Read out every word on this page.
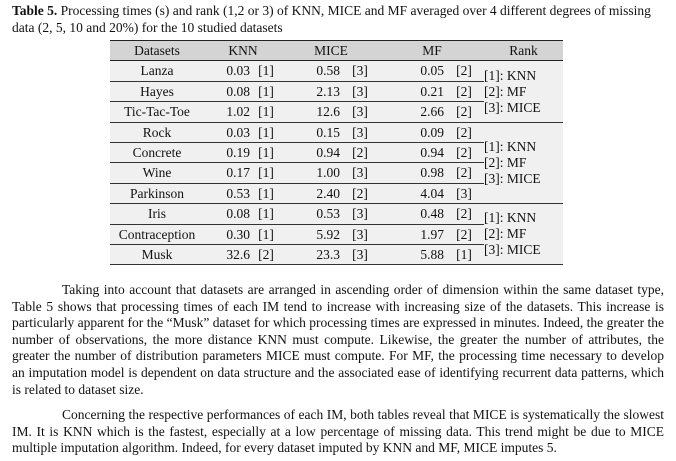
Table 5. Processing times (s) and rank (1,2 or 3) of KNN, MICE and MF averaged over 4 different degrees of missing data (2, 5, 10 and 20%) for the 10 studied datasets
Datasets	KNN		MICE		MF		Rank
Lanza	0.03	[1]	0.58	[3]	0.05	[2]	[1]: KNN
[2]: MF
[3]: MICE

Hayes	0.08	[1]	2.13	[3]	0.21	[2]	
Tic-Tac-Toe	1.02	[1]	12.6	[3]	2.66	[2]	
Rock	0.03	[1]	0.15	[3]	0.09	[2]	[1]: KNN
[2]: MF
[3]: MICE

Concrete	0.19	[1]	0.94	[2]	0.94	[2]	
Wine	0.17	[1]	1.00	[3]	0.98	[2]	
Parkinson	0.53	[1]	2.40	[2]	4.04	[3]	
Iris	0.08	[1]	0.53	[3]	0.48	[2]	[1]: KNN
[2]: MF
[3]: MICE

Contraception	0.30	[1]	5.92	[3]	1.97	[2]	
Musk	32.6	[2]	23.3	[3]	5.88	[1]	

Taking into account that datasets are arranged in ascending order of dimension within the same dataset type, Table 5 shows that processing times of each IM tend to increase with increasing size of the datasets. This increase is particularly apparent for the “Musk” dataset for which processing times are expressed in minutes. Indeed, the greater the number of observations, the more distance KNN must compute. Likewise, the greater the number of attributes, the greater the number of distribution parameters MICE must compute. For MF, the processing time necessary to develop an imputation model is dependent on data structure and the associated ease of identifying recurrent data patterns, which is related to dataset size.

Concerning the respective performances of each IM, both tables reveal that MICE is systematically the slowest IM. It is KNN which is the fastest, especially at a low percentage of missing data. This trend might be due to MICE multiple imputation algorithm. Indeed, for every dataset imputed by KNN and MF, MICE imputes 5.
